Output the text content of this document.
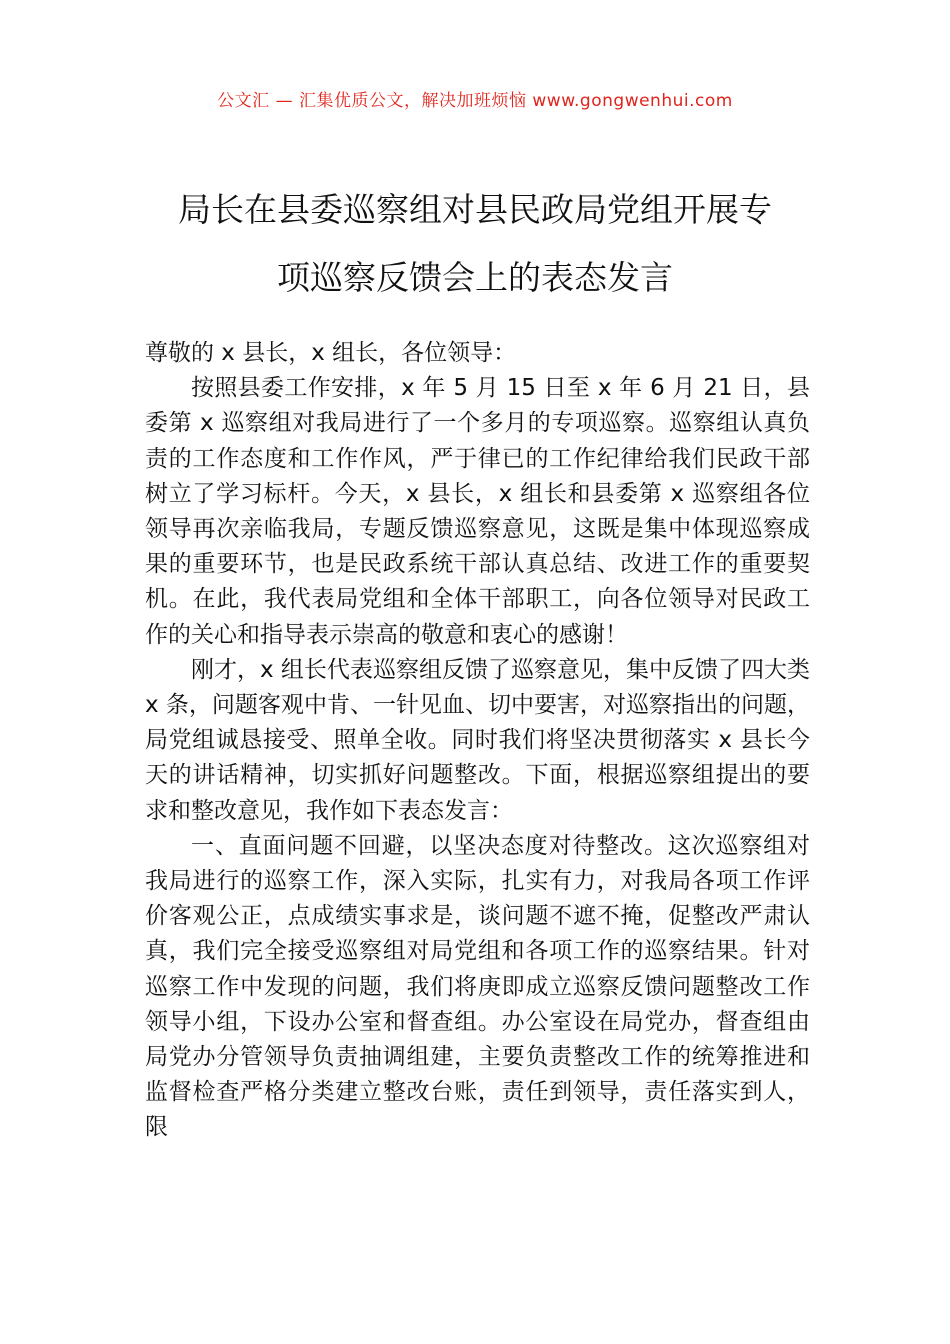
公文汇 — 汇集优质公文，解决加班烦恼 www.gongwenhui.com
局长在县委巡察组对县民政局党组开展专
项巡察反馈会上的表态发言

尊敬的 x 县长，x 组长，各位领导：

按照县委工作安排，x 年 5 月 15 日至 x 年 6 月 21 日，县委第 x 巡察组对我局进行了一个多月的专项巡察。巡察组认真负责的工作态度和工作作风，严于律已的工作纪律给我们民政干部树立了学习标杆。今天，x 县长，x 组长和县委第 x 巡察组各位领导再次亲临我局，专题反馈巡察意见，这既是集中体现巡察成果的重要环节，也是民政系统干部认真总结、改进工作的重要契机。在此，我代表局党组和全体干部职工，向各位领导对民政工作的关心和指导表示崇高的敬意和衷心的感谢！

刚才，x 组长代表巡察组反馈了巡察意见，集中反馈了四大类 x 条，问题客观中肯、一针见血、切中要害，对巡察指出的问题，局党组诚恳接受、照单全收。同时我们将坚决贯彻落实 x 县长今天的讲话精神，切实抓好问题整改。下面，根据巡察组提出的要求和整改意见，我作如下表态发言：

一、直面问题不回避，以坚决态度对待整改。这次巡察组对我局进行的巡察工作，深入实际，扎实有力，对我局各项工作评价客观公正，点成绩实事求是，谈问题不遮不掩，促整改严肃认真，我们完全接受巡察组对局党组和各项工作的巡察结果。针对巡察工作中发现的问题，我们将庚即成立巡察反馈问题整改工作领导小组，下设办公室和督查组。办公室设在局党办，督查组由局党办分管领导负责抽调组建，主要负责整改工作的统筹推进和监督检查严格分类建立整改台账，责任到领导，责任落实到人，限
